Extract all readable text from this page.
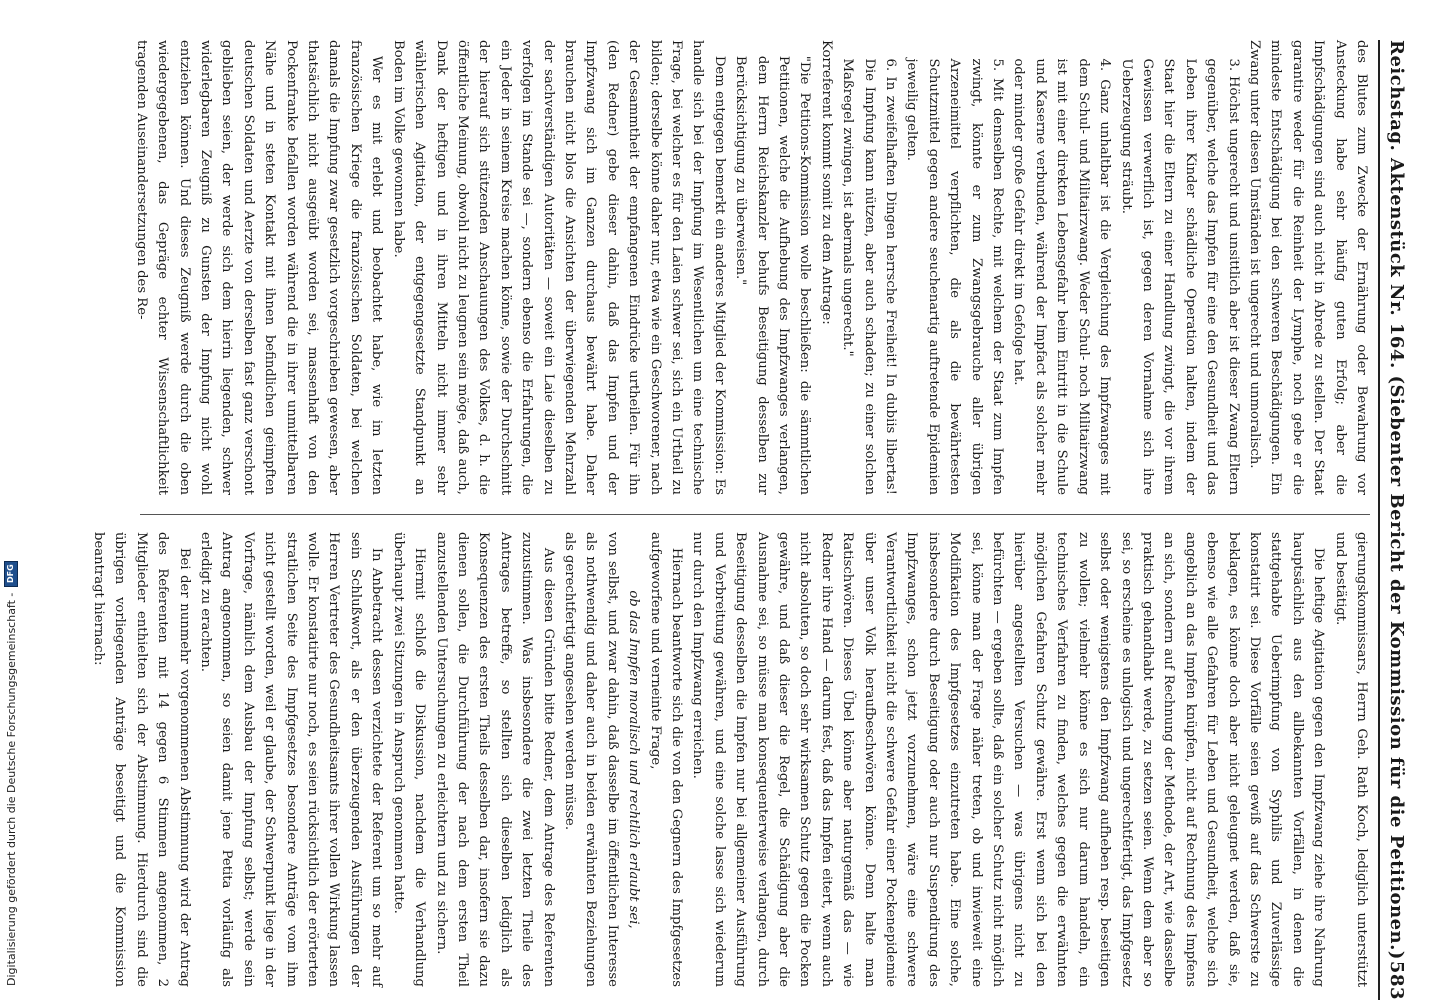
Reichstag. Aktenstück Nr. 164. (Siebenter Bericht der Kommission für die Petitionen.)
583

des Blutes zum Zwecke der Ernährung oder Bewahrung vor Ansteckung habe sehr häufig guten Erfolg; aber die Impfschädigungen sind auch nicht in Abrede zu stellen. Der Staat garantire weder für die Reinheit der Lymphe, noch gebe er die mindeste Entschädigung bei den schweren Beschädigungen. Ein Zwang unter diesen Umständen ist ungerecht und unmoralisch.

3. Höchst ungerecht und unsittlich aber ist dieser Zwang Eltern gegenüber, welche das Impfen für eine den Gesundheit und das Leben ihrer Kinder schädliche Operation halten, indem der Staat hier die Eltern zu einer Handlung zwingt, die vor ihrem Gewissen verwerflich ist, gegen deren Vornahme sich ihre Ueberzeugung sträubt.

4. Ganz unhaltbar ist die Vergleichung des Impfzwanges mit dem Schul- und Militairzwang. Weder Schul- noch Militairzwang ist mit einer direkten Lebensgefahr beim Eintritt in die Schule und Kaserne verbunden, während der Impfact als solcher mehr oder minder große Gefahr direkt im Gefolge hat.

5. Mit demselben Rechte, mit welchem der Staat zum Impfen zwingt, könnte er zum Zwangsgebrauche aller übrigen Arzeneimittel verpflichten, die als die bewährtesten Schutzmittel gegen andere seuchenartig auftretende Epidemien jeweilig gelten.

6. In zweifelhaften Dingen herrsche Freiheit! In dubiis libertas! Die Impfung kann nützen, aber auch schaden; zu einer solchen Maßregel zwingen, ist abermals ungerecht."

Korreferent kommt somit zu dem Antrage:

"Die Petitions-Kommission wolle beschließen: die sämmtlichen Petitionen, welche die Aufhebung des Impfzwanges verlangen, dem Herrn Reichskanzler behufs Beseitigung desselben zur Berücksichtigung zu überweisen."

Dem entgegen bemerkt ein anderes Mitglied der Kommission: Es handle sich bei der Impfung im Wesentlichen um eine technische Frage, bei welcher es für den Laien schwer sei, sich ein Urtheil zu bilden; derselbe könne daher nur, etwa wie ein Geschworener, nach der Gesammtheit der empfangenen Eindrücke urtheilen. Für ihn (den Redner) gebe dieser dahin, daß das Impfen und der Impfzwang sich im Ganzen durchaus bewährt habe. Daher brauchen nicht blos die Ansichten der überwiegenden Mehrzahl der sachverständigen Autoritäten — soweit ein Laie dieselben zu verfolgen im Stande sei —, sondern ebenso die Erfahrungen, die ein Jeder in seinem Kreise machen könne, sowie der Durchschnitt der hierauf sich stützenden Anschauungen des Volkes, d. h. die öffentliche Meinung, obwohl nicht zu leugnen sein möge, daß auch, Dank der heftigen und in ihren Mitteln nicht immer sehr wählerischen Agitation, der entgegengesetzte Standpunkt an Boden im Volke gewonnen habe.

Wer es mit erlebt und beobachtet habe, wie im letzten französischen Kriege die französischen Soldaten, bei welchen damals die Impfung zwar gesetzlich vorgeschrieben gewesen, aber thatsächlich nicht ausgeübt worden sei, massenhaft von den Pockenfranke befallen worden während die in ihrer unmittelbaren Nähe und in steten Kontakt mit ihnen befindlichen geimpften deutschen Soldaten und Aerzte von derselben fast ganz verschont geblieben seien, der werde sich dem hierin liegenden, schwer widerlegbaren Zeugniß zu Gunsten der Impfung nicht wohl entziehen können. Und dieses Zeugniß werde durch die oben wiedergegebenen, das Gepräge echter Wissenschaftlichkeit tragenden Auseinandersetzungen des Re-

gierungskommissars, Herrn Geh. Rath Koch, lediglich unterstützt und bestätigt.

Die heftige Agitation gegen den Impfzwang ziehe ihre Nahrung hauptsächlich aus den allbekannten Vorfällen, in denen die stattgehabte Ueberimpfung von Syphilis und Zuverlässige konstatirt sei. Diese Vorfälle seien gewiß auf das Schwerste zu beklagen, es könne doch aber nicht geleugnet werden, daß sie, ebenso wie alle Gefahren für Leben und Gesundheit, welche sich angeblich an das Impfen knüpfen, nicht auf Rechnung des Impfens an sich, sondern auf Rechnung der Methode, der Art, wie dasselbe praktisch gehandhabt werde, zu setzen seien. Wenn dem aber so sei, so erscheine es unlogisch und ungerechtfertigt, das Impfgesetz selbst oder wenigstens den Impfzwang aufheben resp. beseitigen zu wollen; vielmehr könne es sich nur darum handeln, ein technisches Verfahren zu finden, welches gegen die erwähnten möglichen Gefahren Schutz gewähre. Erst wenn sich bei den hierüber angestellten Versuchen — was übrigens nicht zu befürchten — ergeben sollte, daß ein solcher Schutz nicht möglich sei, könne man der Frage näher treten, ob und inwieweit eine Modifikation des Impfgesetzes einzutreten habe. Eine solche, insbesondere durch Beseitigung oder auch nur Suspendirung des Impfzwanges, schon jetzt vorzunehmen, wäre eine schwere Verantwortlichkeit nicht die schwere Gefahr einer Pockenepidemie über unser Volk heraufbeschwören könne. Denn halte man Ratischwören. Dieses Übel könne aber naturgemäß das — wie Redner ihre Hand — darum fest, daß das Impfen eitert, wenn auch nicht absoluten, so doch sehr wirksamen Schutz gegen die Pocken gewähre, und daß dieser die Regel, die Schädigung aber die Ausnahme sei, so müsse man konsequenterweise verlangen, durch Beseitigung desselben die Impfen nur bei allgemeiner Ausführung und Verbreitung gewähren, und eine solche lasse sich wiederum nur durch den Impfzwang erreichen.

Hiernach beantworte sich die von den Gegnern des Impfgesetzes aufgeworfene und verneinte Frage,

ob das Impfen moralisch und rechtlich erlaubt sei,

von selbst, und zwar dahin, daß dasselbe im öffentlichen Interesse als nothwendig und daher auch in beiden erwähnten Beziehungen als gerechtfertigt angesehen werden müsse.

Aus diesen Gründen bitte Redner, dem Antrage des Referenten zuzustimmen. Was insbesondere die zwei letzten Theile des Antrages betreffe, so stellten sich dieselben lediglich als Konsequenzen des ersten Theils desselben dar, insofern sie dazu dienen sollen, die Durchführung der nach dem ersten Theil anzustellenden Untersuchungen zu erleichtern und zu sichern.

Hiermit schloß die Diskussion, nachdem die Verhandlung überhaupt zwei Sitzungen in Anspruch genommen hatte.

In Anbetracht dessen verzichtete der Referent um so mehr auf sein Schlußwort, als er den überzeugenden Ausführungen der Herren Vertreter des Gesundheitsamts ihrer vollen Wirkung lassen wolle. Er konstatirte nur noch, es seien rücksichtlich der erörterten stratlichen Seite des Impfgesetzes besondere Anträge vom ihm nicht gestellt worden, weil er glaube, der Schwerpunkt liege in der Vorfrage, nämlich dem Ausbau der Impfung selbst; werde sein Antrag angenommen, so seien damit jene Petita vorläufig als erledigt zu erachten.

Bei der nunmehr vorgenommenen Abstimmung wird der Antrag des Referenten mit 14 gegen 6 Stimmen angenommen, 2 Mitglieder enthielten sich der Abstimmung. Hierdurch sind die übrigen vorliegenden Anträge beseitigt und die Kommission beantragt hiernach:

Digitalisierung gefördert durch die Deutsche Forschungsgemeinschaft -
DFG
